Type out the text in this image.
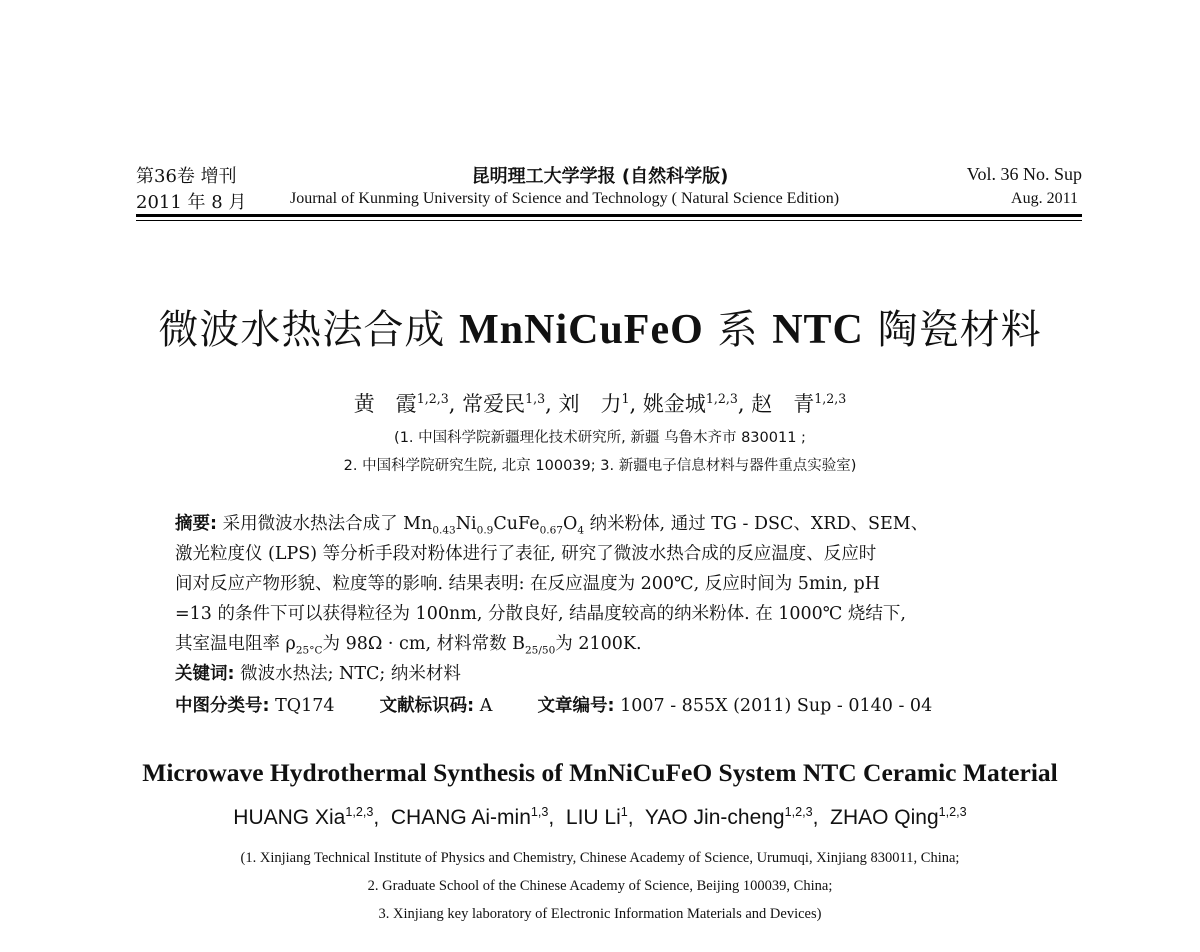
第36卷 增刊
2011 年 8 月
昆明理工大学学报 (自然科学版)
Journal of Kunming University of Science and Technology ( Natural Science Edition)
Vol. 36 No. Sup
Aug. 2011
微波水热法合成 MnNiCuFeO 系 NTC 陶瓷材料
黄　霞$^{1,2,3}$, 常爱民$^{1,3}$, 刘　力$^1$, 姚金城$^{1,2,3}$, 赵　青$^{1,2,3}$
(1. 中国科学院新疆理化技术研究所, 新疆 乌鲁木齐市 830011 ;
2. 中国科学院研究生院, 北京 100039; 3. 新疆电子信息材料与器件重点实验室)
摘要: 采用微波水热法合成了 $Mn_{0.43}Ni_{0.9}CuFe_{0.67}O_4$ 纳米粉体, 通过 TG - DSC、XRD、SEM、
激光粒度仪 (LPS) 等分析手段对粉体进行了表征, 研究了微波水热合成的反应温度、反应时
间对反应产物形貌、粒度等的影响. 结果表明: 在反应温度为 200℃, 反应时间为 5min, pH
=13 的条件下可以获得粒径为 100nm, 分散良好, 结晶度较高的纳米粉体. 在 1000℃ 烧结下,
其室温电阻率 $\rho_{25^\circ C}$为 98Ω · cm, 材料常数 $B_{25/50}$为 2100K.
关键词: 微波水热法; NTC; 纳米材料
中图分类号: TQ174	文献标识码: A	文章编号: 1007 - 855X (2011) Sup - 0140 - 04
Microwave Hydrothermal Synthesis of MnNiCuFeO System NTC Ceramic Material
HUANG Xia$^{1,2,3}$,  CHANG $Ai-\min^{1,3}$,  LIU Li$^1$,  YAO Jin-cheng$^{1,2,3}$,  ZHAO Qing$^{1,2,3}$
(1. Xinjiang Technical Institute of Physics and Chemistry, Chinese Academy of Science, Urumuqi, Xinjiang 830011, China;
2. Graduate School of the Chinese Academy of Science, Beijing 100039, China;
3. Xinjiang key laboratory of Electronic Information Materials and Devices)
